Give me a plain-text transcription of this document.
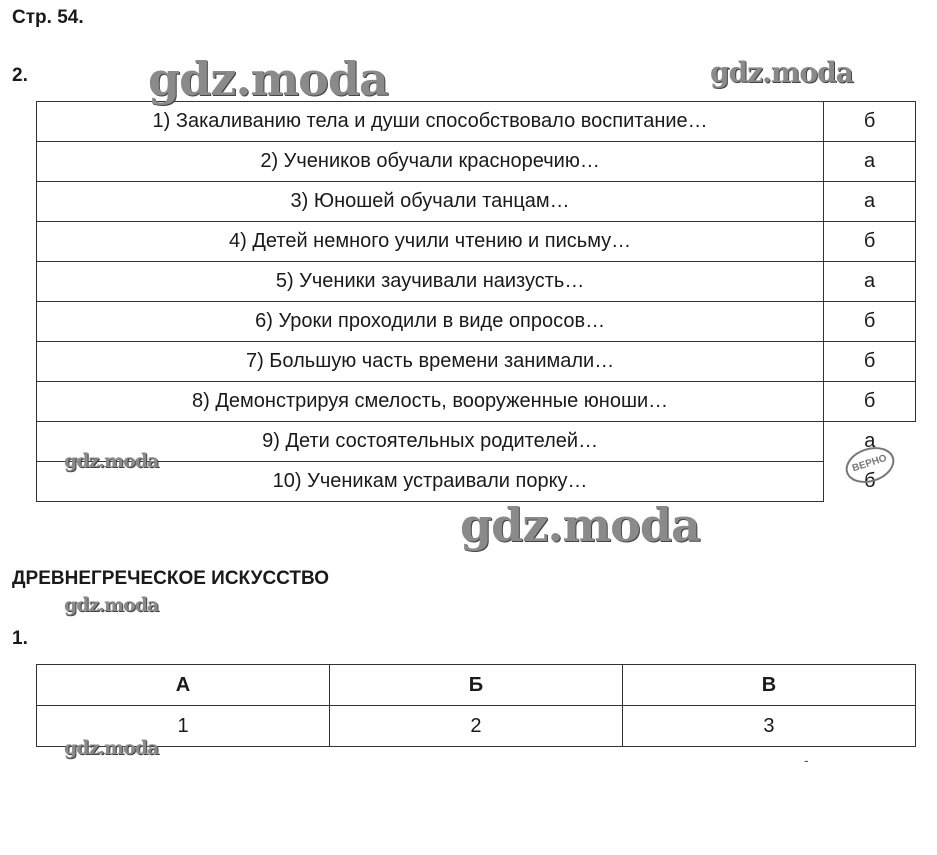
Стр. 54.
2.
1) Закаливанию тела и души способствовало воспитание…	б
2) Учеников обучали красноречию…	а
3) Юношей обучали танцам…	а
4) Детей немного учили чтению и письму…	б
5) Ученики заучивали наизусть…	а
6) Уроки проходили в виде опросов…	б
7) Большую часть времени занимали…	б
8) Демонстрируя смелость, вооруженные юноши…	б
9) Дети состоятельных родителей…	а
10) Ученикам устраивали порку…	б
ДРЕВНЕГРЕЧЕСКОЕ ИСКУССТВО
1.
А	Б	В
1	2	3
gdz.moda	gdz.moda
gdz.moda
gdz.moda
gdz.moda
gdz.moda
ВЕРНО
-
